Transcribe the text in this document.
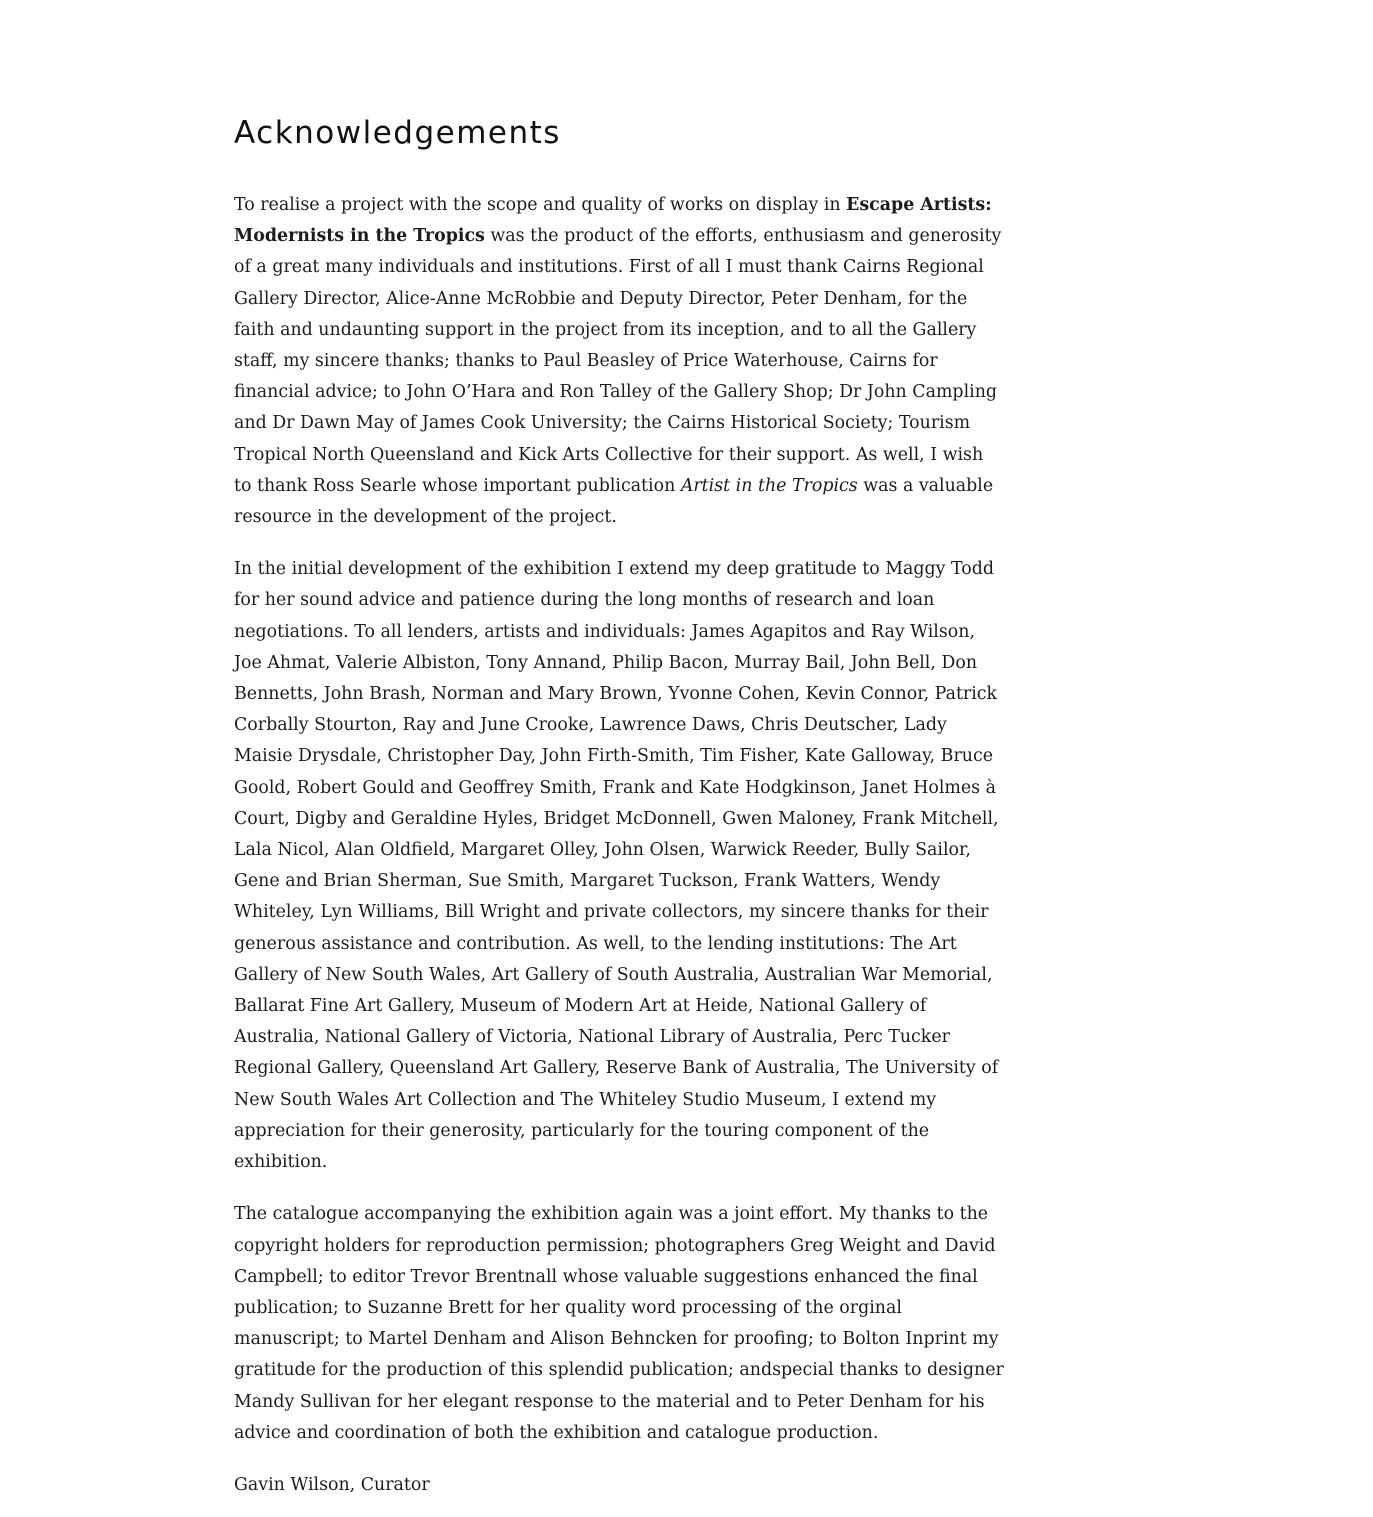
Acknowledgements

To realise a project with the scope and quality of works on display in Escape Artists: Modernists in the Tropics was the product of the efforts, enthusiasm and generosity of a great many individuals and institutions. First of all I must thank Cairns Regional Gallery Director, Alice-Anne McRobbie and Deputy Director, Peter Denham, for the faith and undaunting support in the project from its inception, and to all the Gallery staff, my sincere thanks; thanks to Paul Beasley of Price Waterhouse, Cairns for financial advice; to John O’Hara and Ron Talley of the Gallery Shop; Dr John Campling and Dr Dawn May of James Cook University; the Cairns Historical Society; Tourism Tropical North Queensland and Kick Arts Collective for their support. As well, I wish to thank Ross Searle whose important publication Artist in the Tropics was a valuable resource in the development of the project.

In the initial development of the exhibition I extend my deep gratitude to Maggy Todd for her sound advice and patience during the long months of research and loan negotiations. To all lenders, artists and individuals: James Agapitos and Ray Wilson, Joe Ahmat, Valerie Albiston, Tony Annand, Philip Bacon, Murray Bail, John Bell, Don Bennetts, John Brash, Norman and Mary Brown, Yvonne Cohen, Kevin Connor, Patrick Corbally Stourton, Ray and June Crooke, Lawrence Daws, Chris Deutscher, Lady Maisie Drysdale, Christopher Day, John Firth-Smith, Tim Fisher, Kate Galloway, Bruce Goold, Robert Gould and Geoffrey Smith, Frank and Kate Hodgkinson, Janet Holmes à Court, Digby and Geraldine Hyles, Bridget McDonnell, Gwen Maloney, Frank Mitchell, Lala Nicol, Alan Oldfield, Margaret Olley, John Olsen, Warwick Reeder, Bully Sailor, Gene and Brian Sherman, Sue Smith, Margaret Tuckson, Frank Watters, Wendy Whiteley, Lyn Williams, Bill Wright and private collectors, my sincere thanks for their generous assistance and contribution. As well, to the lending institutions: The Art Gallery of New South Wales, Art Gallery of South Australia, Australian War Memorial, Ballarat Fine Art Gallery, Museum of Modern Art at Heide, National Gallery of Australia, National Gallery of Victoria, National Library of Australia, Perc Tucker Regional Gallery, Queensland Art Gallery, Reserve Bank of Australia, The University of New South Wales Art Collection and The Whiteley Studio Museum, I extend my appreciation for their generosity, particularly for the touring component of the exhibition.

The catalogue accompanying the exhibition again was a joint effort. My thanks to the copyright holders for reproduction permission; photographers Greg Weight and David Campbell; to editor Trevor Brentnall whose valuable suggestions enhanced the final publication; to Suzanne Brett for her quality word processing of the orginal manuscript; to Martel Denham and Alison Behncken for proofing; to Bolton Inprint my gratitude for the production of this splendid publication; andspecial thanks to designer Mandy Sullivan for her elegant response to the material and to Peter Denham for his advice and coordination of both the exhibition and catalogue production.

Gavin Wilson, Curator
